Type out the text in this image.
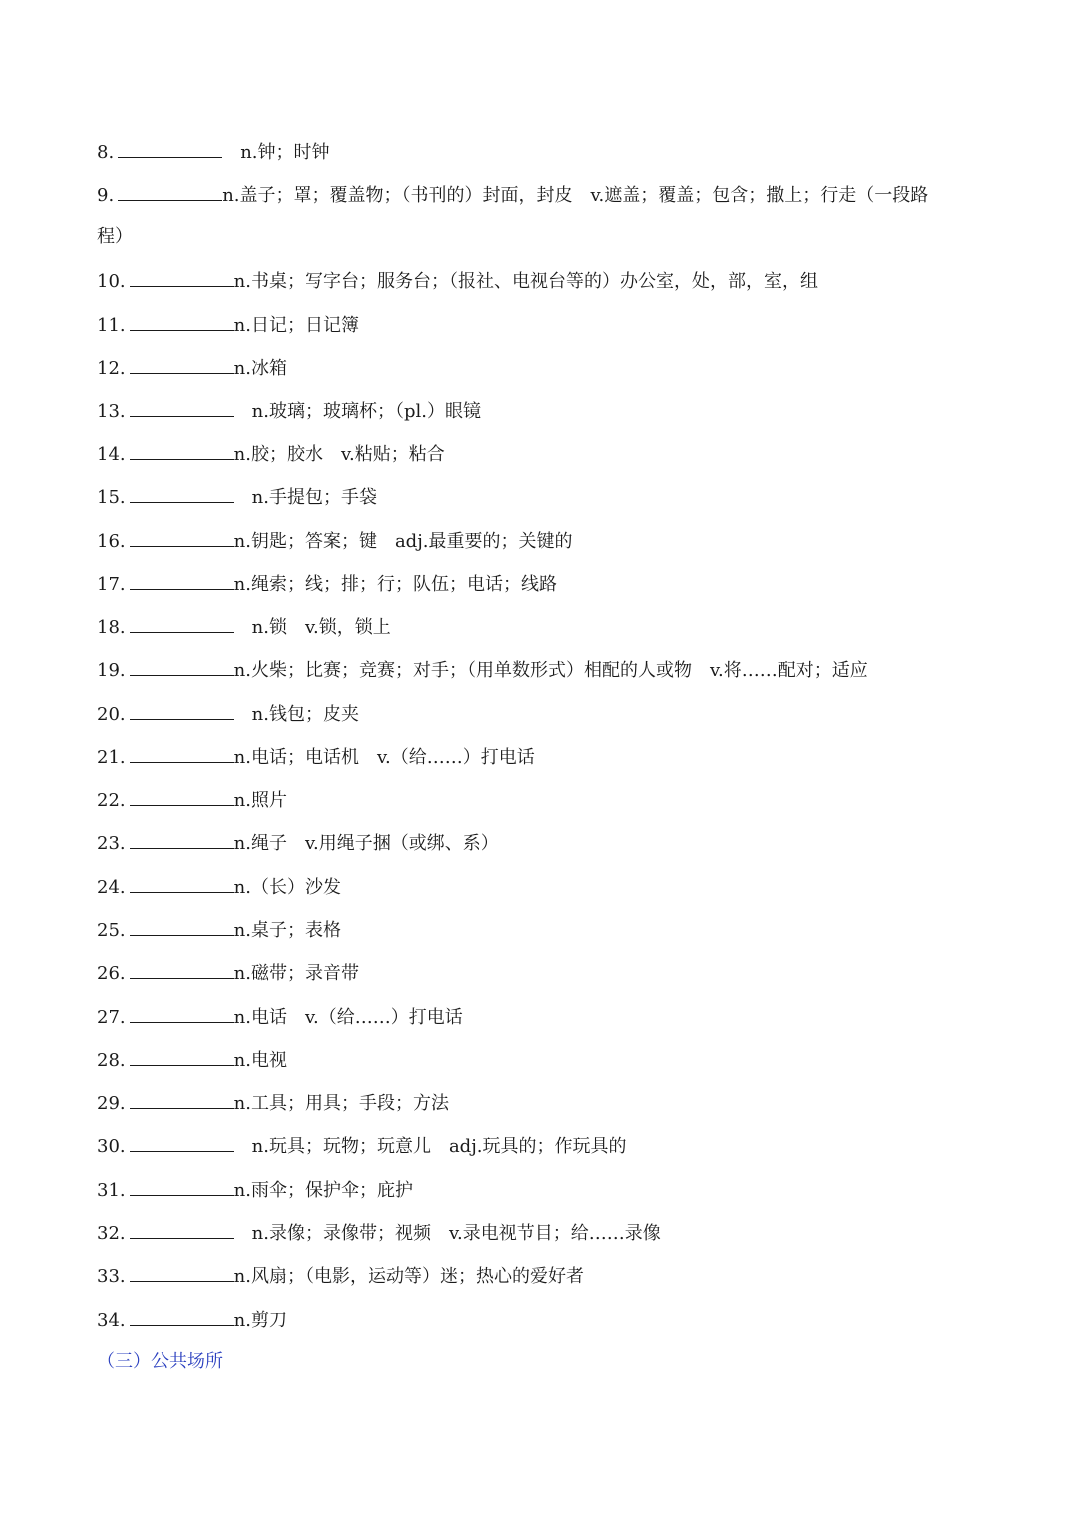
8.	n.钟；时钟
9.	n.盖子；罩；覆盖物；（书刊的）封面，封皮　v.遮盖；覆盖；包含；撒上；行走（一段路
程）
10.	n.书桌；写字台；服务台；（报社、电视台等的）办公室，处，部，室，组
11.	n.日记；日记簿
12.	n.冰箱
13.	n.玻璃；玻璃杯；（pl.）眼镜
14.	n.胶；胶水　v.粘贴；粘合
15.	n.手提包；手袋
16.	n.钥匙；答案；键　adj.最重要的；关键的
17.	n.绳索；线；排；行；队伍；电话；线路
18.	n.锁　v.锁，锁上
19.	n.火柴；比赛；竞赛；对手；（用单数形式）相配的人或物　v.将……配对；适应
20.	n.钱包；皮夹
21.	n.电话；电话机　v.（给……）打电话
22.	n.照片
23.	n.绳子　v.用绳子捆（或绑、系）
24.	n.（长）沙发
25.	n.桌子；表格
26.	n.磁带；录音带
27.	n.电话　v.（给……）打电话
28.	n.电视
29.	n.工具；用具；手段；方法
30.	n.玩具；玩物；玩意儿　adj.玩具的；作玩具的
31.	n.雨伞；保护伞；庇护
32.	n.录像；录像带；视频　v.录电视节目；给……录像
33.	n.风扇；（电影，运动等）迷；热心的爱好者
34.	n.剪刀
（三）公共场所
